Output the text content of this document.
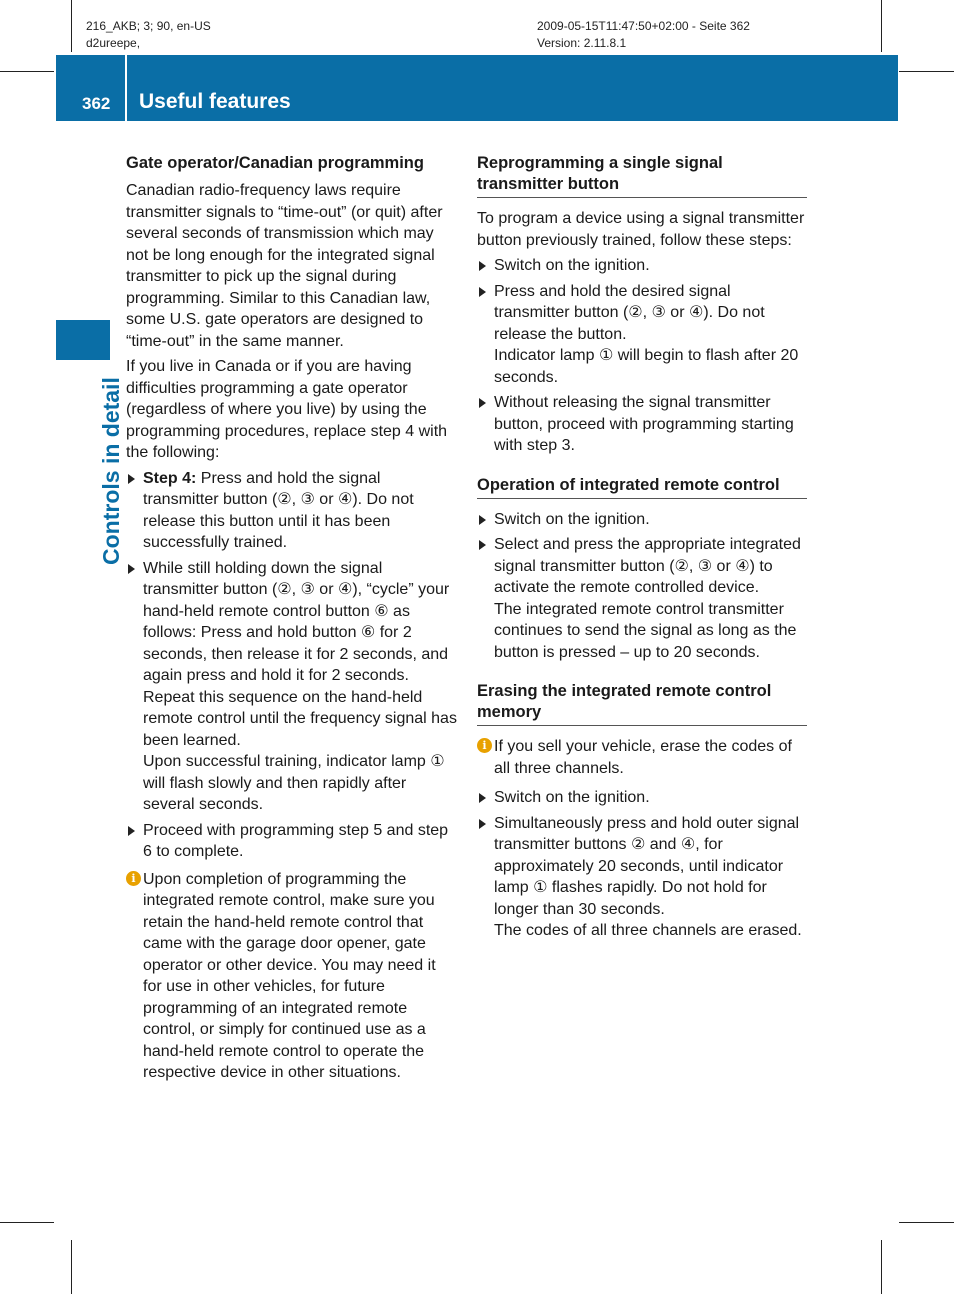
216_AKB; 3; 90, en-US
d2ureepe,
2009-05-15T11:47:50+02:00 - Seite 362
Version: 2.11.8.1
362 Useful features
Controls in detail
Gate operator/Canadian programming

Canadian radio-frequency laws require transmitter signals to “time-out” (or quit) after several seconds of transmission which may not be long enough for the integrated signal transmitter to pick up the signal during programming. Similar to this Canadian law, some U.S. gate operators are designed to “time-out” in the same manner.

If you live in Canada or if you are having difficulties programming a gate operator (regardless of where you live) by using the programming procedures, replace step 4 with the following:

Step 4: Press and hold the signal transmitter button (②, ③ or ④). Do not release this button until it has been successfully trained.
While still holding down the signal transmitter button (②, ③ or ④), “cycle” your hand-held remote control button ⑥ as follows: Press and hold button ⑥ for 2 seconds, then release it for 2 seconds, and again press and hold it for 2 seconds. Repeat this sequence on the hand-held remote control until the frequency signal has been learned.
Upon successful training, indicator lamp ① will flash slowly and then rapidly after several seconds.
Proceed with programming step 5 and step 6 to complete.
i Upon completion of programming the integrated remote control, make sure you retain the hand-held remote control that came with the garage door opener, gate operator or other device. You may need it for use in other vehicles, for future programming of an integrated remote control, or simply for continued use as a hand-held remote control to operate the respective device in other situations.
Reprogramming a single signal transmitter button

To program a device using a signal transmitter button previously trained, follow these steps:

Switch on the ignition.
Press and hold the desired signal transmitter button (②, ③ or ④). Do not release the button.
Indicator lamp ① will begin to flash after 20 seconds.
Without releasing the signal transmitter button, proceed with programming starting with step 3.
Operation of integrated remote control
Switch on the ignition.
Select and press the appropriate integrated signal transmitter button (②, ③ or ④) to activate the remote controlled device.
The integrated remote control transmitter continues to send the signal as long as the button is pressed – up to 20 seconds.
Erasing the integrated remote control memory
i If you sell your vehicle, erase the codes of all three channels.
Switch on the ignition.
Simultaneously press and hold outer signal transmitter buttons ② and ④, for approximately 20 seconds, until indicator lamp ① flashes rapidly. Do not hold for longer than 30 seconds.
The codes of all three channels are erased.
